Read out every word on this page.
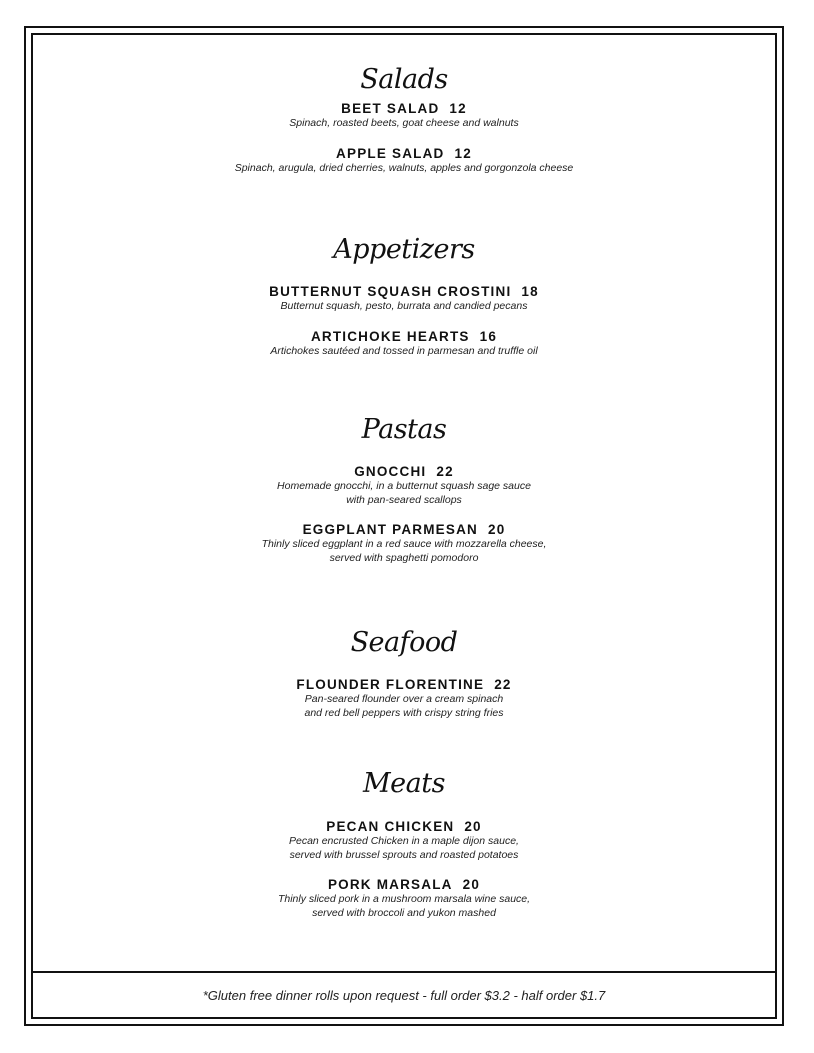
Salads

BEET SALAD 12

Spinach, roasted beets, goat cheese and walnuts

APPLE SALAD 12

Spinach, arugula, dried cherries, walnuts, apples and gorgonzola cheese

Appetizers

BUTTERNUT SQUASH CROSTINI 18

Butternut squash, pesto, burrata and candied pecans

ARTICHOKE HEARTS 16

Artichokes sautéed and tossed in parmesan and truffle oil

Pastas

GNOCCHI 22

Homemade gnocchi, in a butternut squash sage sauce

with pan-seared scallops

EGGPLANT PARMESAN 20

Thinly sliced eggplant in a red sauce with mozzarella cheese,

served with spaghetti pomodoro

Seafood

FLOUNDER FLORENTINE 22

Pan-seared flounder over a cream spinach

and red bell peppers with crispy string fries

Meats

PECAN CHICKEN 20

Pecan encrusted Chicken in a maple dijon sauce,

served with brussel sprouts and roasted potatoes

PORK MARSALA 20

Thinly sliced pork in a mushroom marsala wine sauce,

served with broccoli and yukon mashed

*Gluten free dinner rolls upon request - full order $3.2 - half order $1.7
